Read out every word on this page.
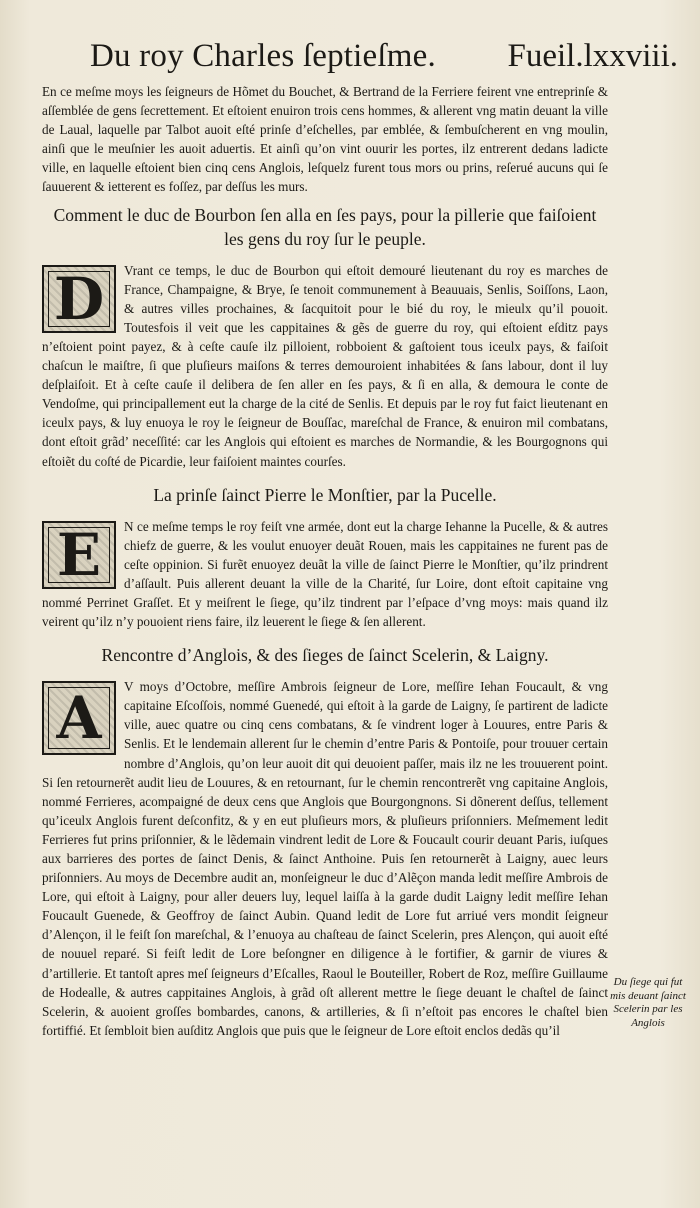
Du roy Charles ſeptieſme. Fueil.lxxviii.

En ce meſme moys les ſeigneurs de Hõmet du Bouchet, & Bertrand de la Ferriere feirent vne entreprinſe & aſſemblée de gens ſecrettement. Et eſtoient enuiron trois cens hommes, & allerent vng matin deuant la ville de Laual, laquelle par Talbot auoit eſté prinſe d’eſchelles, par emblée, & ſembuſcherent en vng moulin, ainſi que le meuſnier les auoit aduertis. Et ainſi qu’on vint ouurir les portes, ilz entrerent dedans ladicte ville, en laquelle eſtoient bien cinq cens Anglois, leſquelz furent tous mors ou prins, reſerué aucuns qui ſe ſauuerent & ietterent es foſſez, par deſſus les murs.

Comment le duc de Bourbon ſen alla en ſes pays, pour la pillerie que faiſoient les gens du roy ſur le peuple.
D	Vrant ce temps, le duc de Bourbon qui eſtoit demouré lieutenant du roy es marches de France, Champaigne, & Brye, ſe tenoit communement à Beauuais, Senlis, Soiſſons, Laon, & autres villes prochaines, & ſacquitoit pour le bié du roy, le mieulx qu’il pouoit. Toutesfois il veit que les cappitaines & gẽs de guerre du roy, qui eſtoient eſditz pays n’eſtoient point payez, & à ceſte cauſe ilz pilloient, robboient & gaſtoient tous iceulx pays, & faiſoit chaſcun le maiſtre, ſi que pluſieurs maiſons & terres demouroient inhabitées & ſans labour, dont il luy deſplaiſoit. Et à ceſte cauſe il delibera de ſen aller en ſes pays, & ſi en alla, & demoura le conte de Vendoſme, qui principallement eut la charge de la cité de Senlis. Et depuis par le roy fut faict lieutenant en iceulx pays, & luy enuoya le roy le ſeigneur de Bouſſac, mareſchal de France, & enuiron mil combatans, dont eſtoit grãd’ neceſſité: car les Anglois qui eſtoient es marches de Normandie, & les Bourgognons qui eſtoiẽt du coſté de Picardie, leur faiſoient maintes courſes.

La prinſe ſainct Pierre le Monſtier, par la Pucelle.
E	N ce meſme temps le roy feiſt vne armée, dont eut la charge Iehanne la Pucelle, & & autres chiefz de guerre, & les voulut enuoyer deuãt Rouen, mais les cappitaines ne furent pas de ceſte oppinion. Si furẽt enuoyez deuãt la ville de ſainct Pierre le Monſtier, qu’ilz prindrent d’aſſault. Puis allerent deuant la ville de la Charité, ſur Loire, dont eſtoit capitaine vng nommé Perrinet Graſſet. Et y meiſrent le ſiege, qu’ilz tindrent par l’eſpace d’vng moys: mais quand ilz veirent qu’ilz n’y pouoient riens faire, ilz leuerent le ſiege & ſen allerent.

Rencontre d’Anglois, & des ſieges de ſainct Scelerin, & Laigny.
A	V moys d’Octobre, meſſire Ambrois ſeigneur de Lore, meſſire Iehan Foucault, & vng capitaine Eſcoſſois, nommé Guenedé, qui eſtoit à la garde de Laigny, ſe partirent de ladicte ville, auec quatre ou cinq cens combatans, & ſe vindrent loger à Louures, entre Paris & Senlis. Et le lendemain allerent ſur le chemin d’entre Paris & Pontoiſe, pour trouuer certain nombre d’Anglois, qu’on leur auoit dit qui deuoient paſſer, mais ilz ne les trouuerent point. Si ſen retournerẽt audit lieu de Louures, & en retournant, ſur le chemin rencontrerẽt vng capitaine Anglois, nommé Ferrieres, acompaigné de deux cens que Anglois que Bourgongnons. Si dõnerent deſſus, tellement qu’iceulx Anglois furent deſconfitz, & y en eut pluſieurs mors, & pluſieurs priſonniers. Meſmement ledit Ferrieres fut prins priſonnier, & le lẽdemain vindrent ledit de Lore & Foucault courir deuant Paris, iuſques aux barrieres des portes de ſainct Denis, & ſainct Anthoine. Puis ſen retournerẽt à Laigny, auec leurs priſonniers. Au moys de Decembre audit an, monſeigneur le duc d’Alẽçon manda ledit meſſire Ambrois de Lore, qui eſtoit à Laigny, pour aller deuers luy, lequel laiſſa à la garde dudit Laigny ledit meſſire Iehan Foucault Guenede, & Geoffroy de ſainct Aubin. Quand ledit de Lore fut arriué vers mondit ſeigneur d’Alençon, il le feiſt ſon mareſchal, & l’enuoya au chaſteau de ſainct Scelerin, pres Alençon, qui auoit eſté de nouuel reparé. Si feiſt ledit de Lore beſongner en diligence à le fortifier, & garnir de viures & d’artillerie. Et tantoſt apres meſ ſeigneurs d’Eſcalles, Raoul le Bouteiller, Robert de Roz, meſſire Guillaume de Hodealle, & autres cappitaines Anglois, à grãd oſt allerent mettre le ſiege deuant le chaſtel de ſainct Scelerin, & auoient groſſes bombardes, canons, & artilleries, & ſi n’eſtoit pas encores le chaſtel bien fortiffié. Et ſembloit bien auſditz Anglois que puis que le ſeigneur de Lore eſtoit enclos dedãs qu’il

Du ſiege qui fut mis deuant ſainct Scelerin par les Anglois
